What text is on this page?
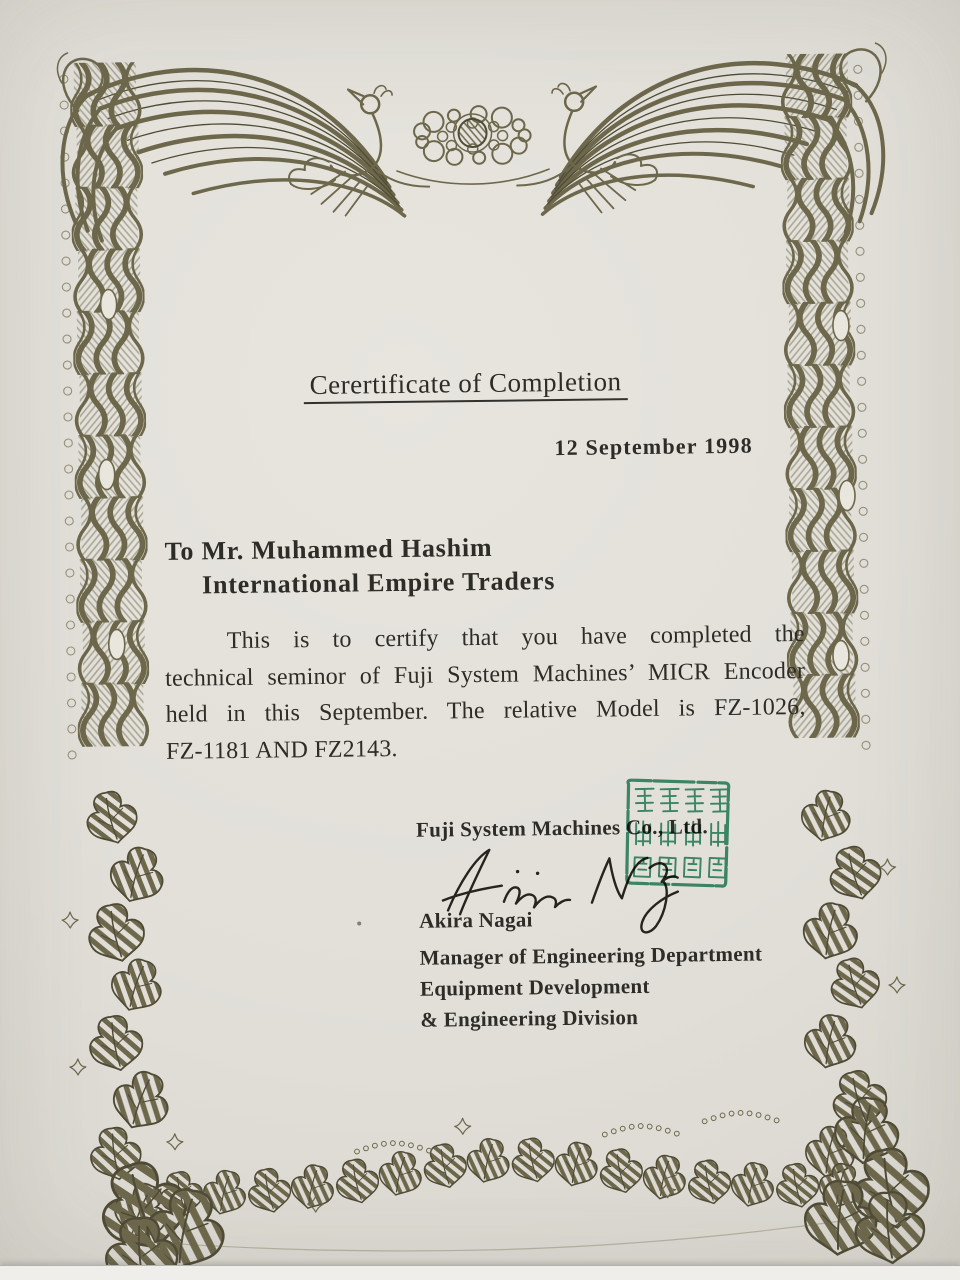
Cerertificate of Completion
12 September 1998
To Mr. Muhammed Hashim
International Empire Traders
This is to certify that you have completed the
technical seminor of Fuji System Machines’ MICR Encoder
held in this September. The relative Model is FZ-1026,
FZ-1181 AND FZ2143.
Fuji System Machines Co., Ltd.
Akira Nagai
Manager of Engineering Department
Equipment Development
& Engineering Division
